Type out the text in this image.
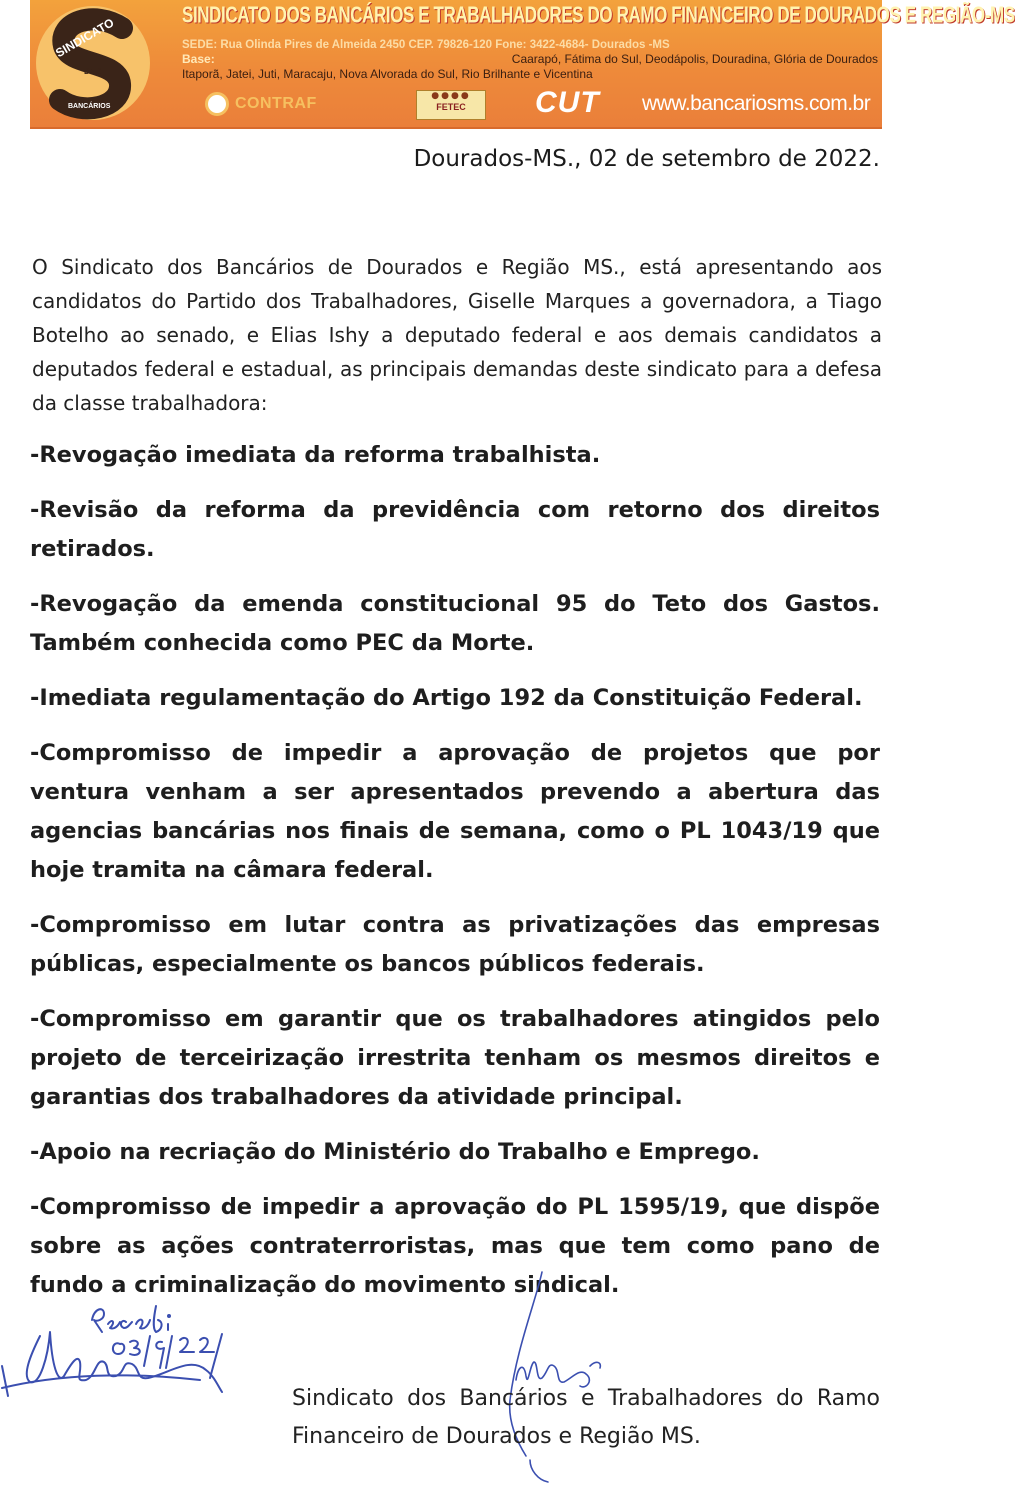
SINDICATO
DOS
BANCÁRIOS
SINDICATO DOS BANCÁRIOS E TRABALHADORES DO RAMO FINANCEIRO DE DOURADOS E REGIÃO-MS
SEDE: Rua Olinda Pires de Almeida 2450 CEP. 79826-120 Fone: 3422-4684- Dourados -MS
Base:	Caarapó, Fátima do Sul, Deodápolis, Douradina, Glória de Dourados
Itaporã, Jatei, Juti, Maracaju, Nova Alvorada do Sul, Rio Brilhante e Vicentina
CONTRAF	●●●●
FETEC	CUT www.bancariosms.com.br
Dourados-MS., 02 de setembro de 2022.
O Sindicato dos Bancários de Dourados e Região MS., está apresentando aos candidatos do Partido dos Trabalhadores, Giselle Marques a governadora, a Tiago Botelho ao senado, e Elias Ishy a deputado federal e aos demais candidatos a deputados federal e estadual, as principais demandas deste sindicato para a defesa da classe trabalhadora:

-Revogação imediata da reforma trabalhista.

-Revisão da reforma da previdência com retorno dos direitos retirados.

-Revogação da emenda constitucional 95 do Teto dos Gastos. Também conhecida como PEC da Morte.

-Imediata regulamentação do Artigo 192 da Constituição Federal.

-Compromisso de impedir a aprovação de projetos que por ventura venham a ser apresentados prevendo a abertura das agencias bancárias nos finais de semana, como o PL 1043/19 que hoje tramita na câmara federal.

-Compromisso em lutar contra as privatizações das empresas públicas, especialmente os bancos públicos federais.

-Compromisso em garantir que os trabalhadores atingidos pelo projeto de terceirização irrestrita tenham os mesmos direitos e garantias dos trabalhadores da atividade principal.

-Apoio na recriação do Ministério do Trabalho e Emprego.

-Compromisso de impedir a aprovação do PL 1595/19, que dispõe sobre as ações contraterroristas, mas que tem como pano de fundo a criminalização do movimento sindical.

Recebi 03/9/22
Sindicato dos Bancários e Trabalhadores do Ramo Financeiro de Dourados e Região MS.
